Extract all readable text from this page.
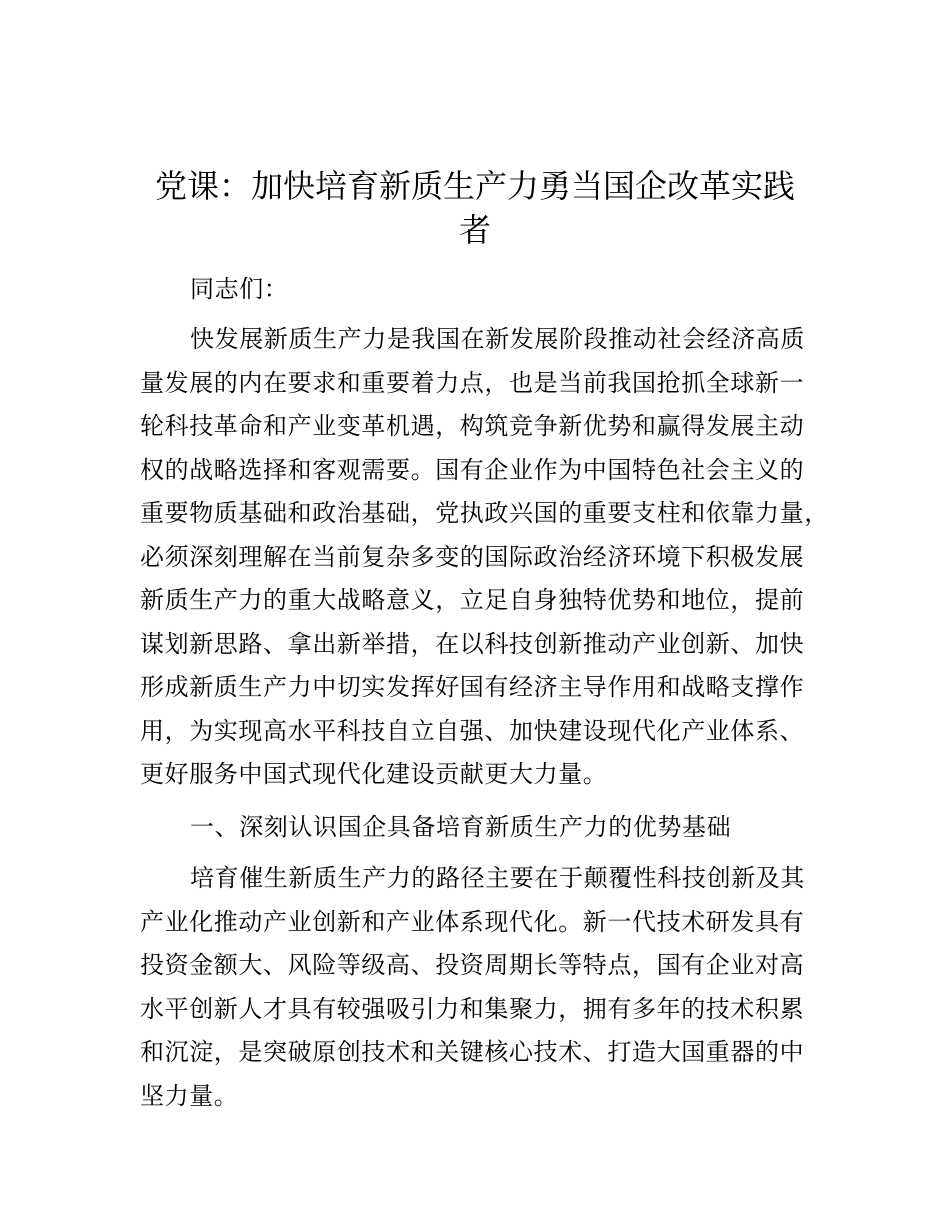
党课：加快培育新质生产力勇当国企改革实践
者

同志们：

快发展新质生产力是我国在新发展阶段推动社会经济高质
量发展的内在要求和重要着力点，也是当前我国抢抓全球新一
轮科技革命和产业变革机遇，构筑竞争新优势和赢得发展主动
权的战略选择和客观需要。国有企业作为中国特色社会主义的
重要物质基础和政治基础，党执政兴国的重要支柱和依靠力量，
必须深刻理解在当前复杂多变的国际政治经济环境下积极发展
新质生产力的重大战略意义，立足自身独特优势和地位，提前
谋划新思路、拿出新举措，在以科技创新推动产业创新、加快
形成新质生产力中切实发挥好国有经济主导作用和战略支撑作
用，为实现高水平科技自立自强、加快建设现代化产业体系、
更好服务中国式现代化建设贡献更大力量。

一、深刻认识国企具备培育新质生产力的优势基础

培育催生新质生产力的路径主要在于颠覆性科技创新及其
产业化推动产业创新和产业体系现代化。新一代技术研发具有
投资金额大、风险等级高、投资周期长等特点，国有企业对高
水平创新人才具有较强吸引力和集聚力，拥有多年的技术积累
和沉淀，是突破原创技术和关键核心技术、打造大国重器的中
坚力量。
